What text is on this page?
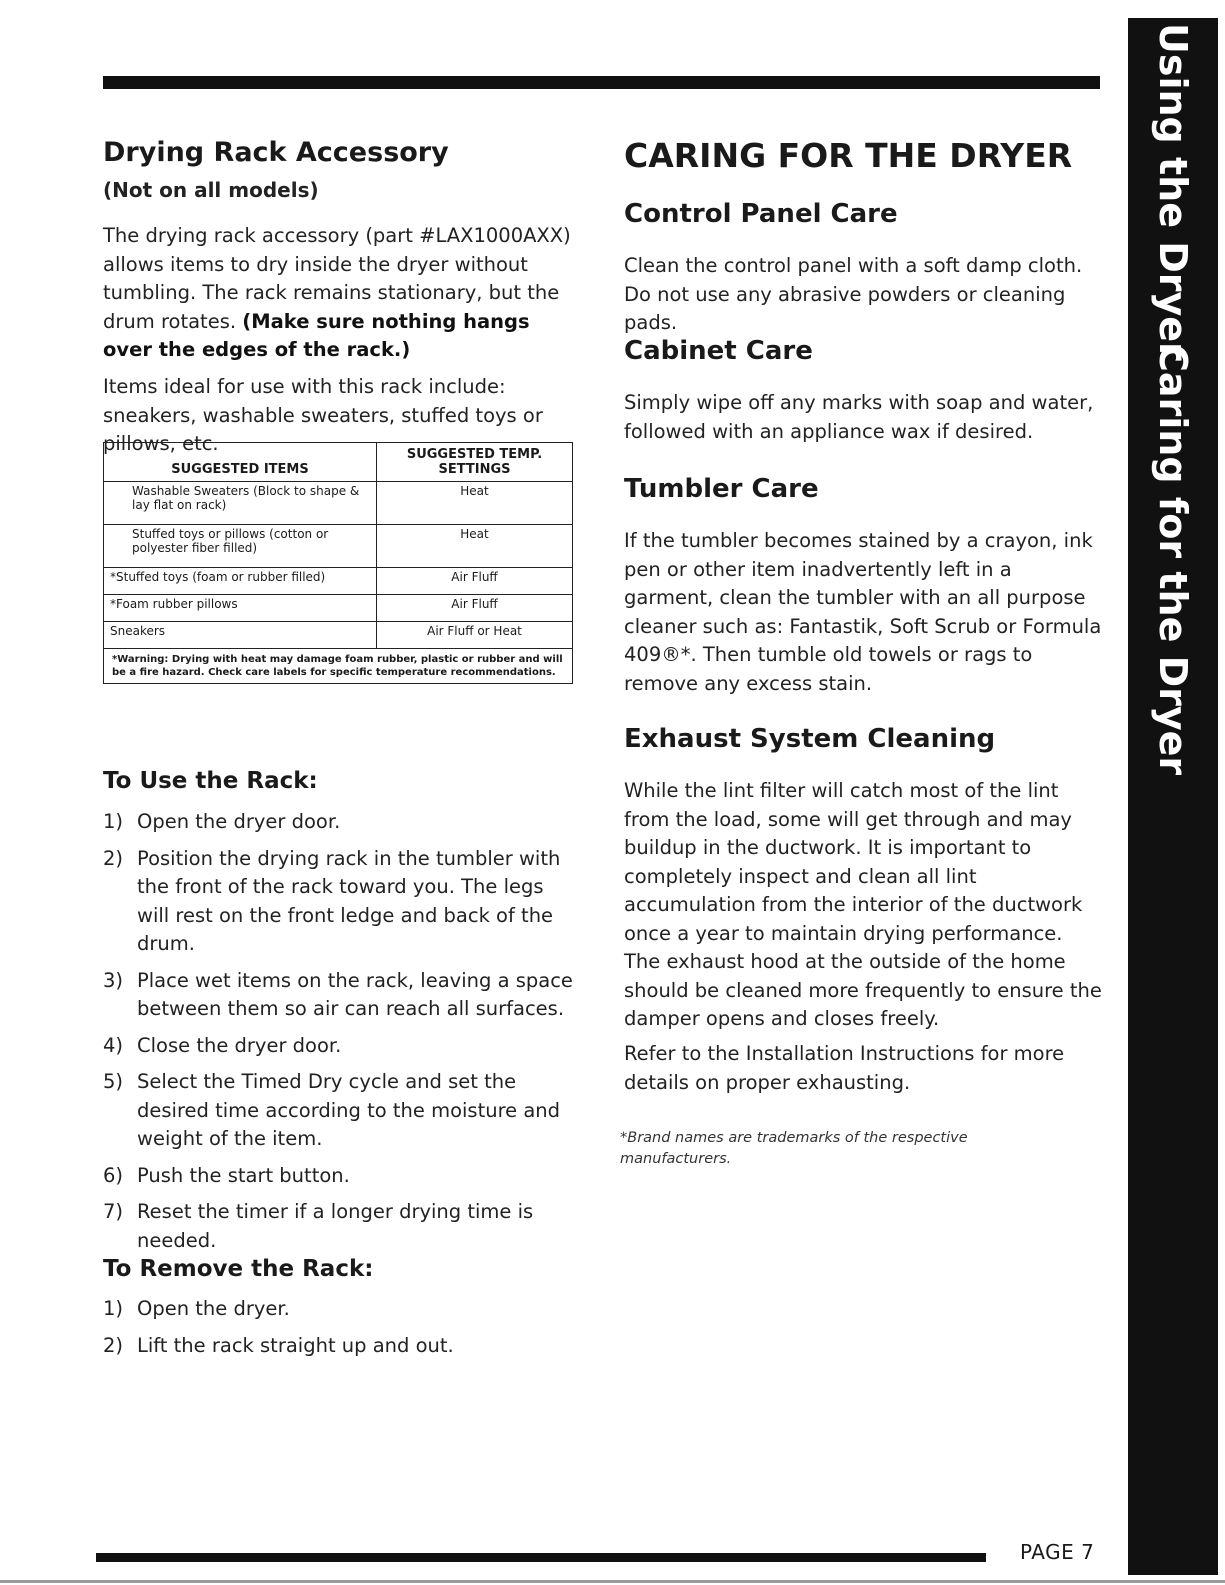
Drying Rack Accessory
(Not on all models)

The drying rack accessory (part #LAX1000AXX) allows items to dry inside the dryer without tumbling. The rack remains stationary, but the drum rotates. (Make sure nothing hangs over the edges of the rack.)

Items ideal for use with this rack include: sneakers, washable sweaters, stuffed toys or pillows, etc.

SUGGESTED ITEMS	SUGGESTED TEMP. SETTINGS
Washable Sweaters (Block to shape & lay flat on rack)	Heat
Stuffed toys or pillows (cotton or polyester fiber filled)	Heat
*Stuffed toys (foam or rubber filled)	Air Fluff
*Foam rubber pillows	Air Fluff
Sneakers	Air Fluff or Heat
*Warning: Drying with heat may damage foam rubber, plastic or rubber and will be a fire hazard. Check care labels for specific temperature recommendations.	
To Use the Rack:
1) Open the dryer door.
2) Position the drying rack in the tumbler with the front of the rack toward you. The legs will rest on the front ledge and back of the drum.
3) Place wet items on the rack, leaving a space between them so air can reach all surfaces.
4) Close the dryer door.
5) Select the Timed Dry cycle and set the desired time according to the moisture and weight of the item.
6) Push the start button.
7) Reset the timer if a longer drying time is needed.
To Remove the Rack:
1) Open the dryer.
2) Lift the rack straight up and out.
CARING FOR THE DRYER
Control Panel Care

Clean the control panel with a soft damp cloth. Do not use any abrasive powders or cleaning pads.

Cabinet Care

Simply wipe off any marks with soap and water, followed with an appliance wax if desired.

Tumbler Care

If the tumbler becomes stained by a crayon, ink pen or other item inadvertently left in a garment, clean the tumbler with an all purpose cleaner such as: Fantastik, Soft Scrub or Formula 409®*. Then tumble old towels or rags to remove any excess stain.

Exhaust System Cleaning

While the lint filter will catch most of the lint from the load, some will get through and may buildup in the ductwork. It is important to completely inspect and clean all lint accumulation from the interior of the ductwork once a year to maintain drying performance. The exhaust hood at the outside of the home should be cleaned more frequently to ensure the damper opens and closes freely.

Refer to the Installation Instructions for more details on proper exhausting.

*Brand names are trademarks of the respective manufacturers.
Using the Dryer
Caring for the Dryer
PAGE 7
